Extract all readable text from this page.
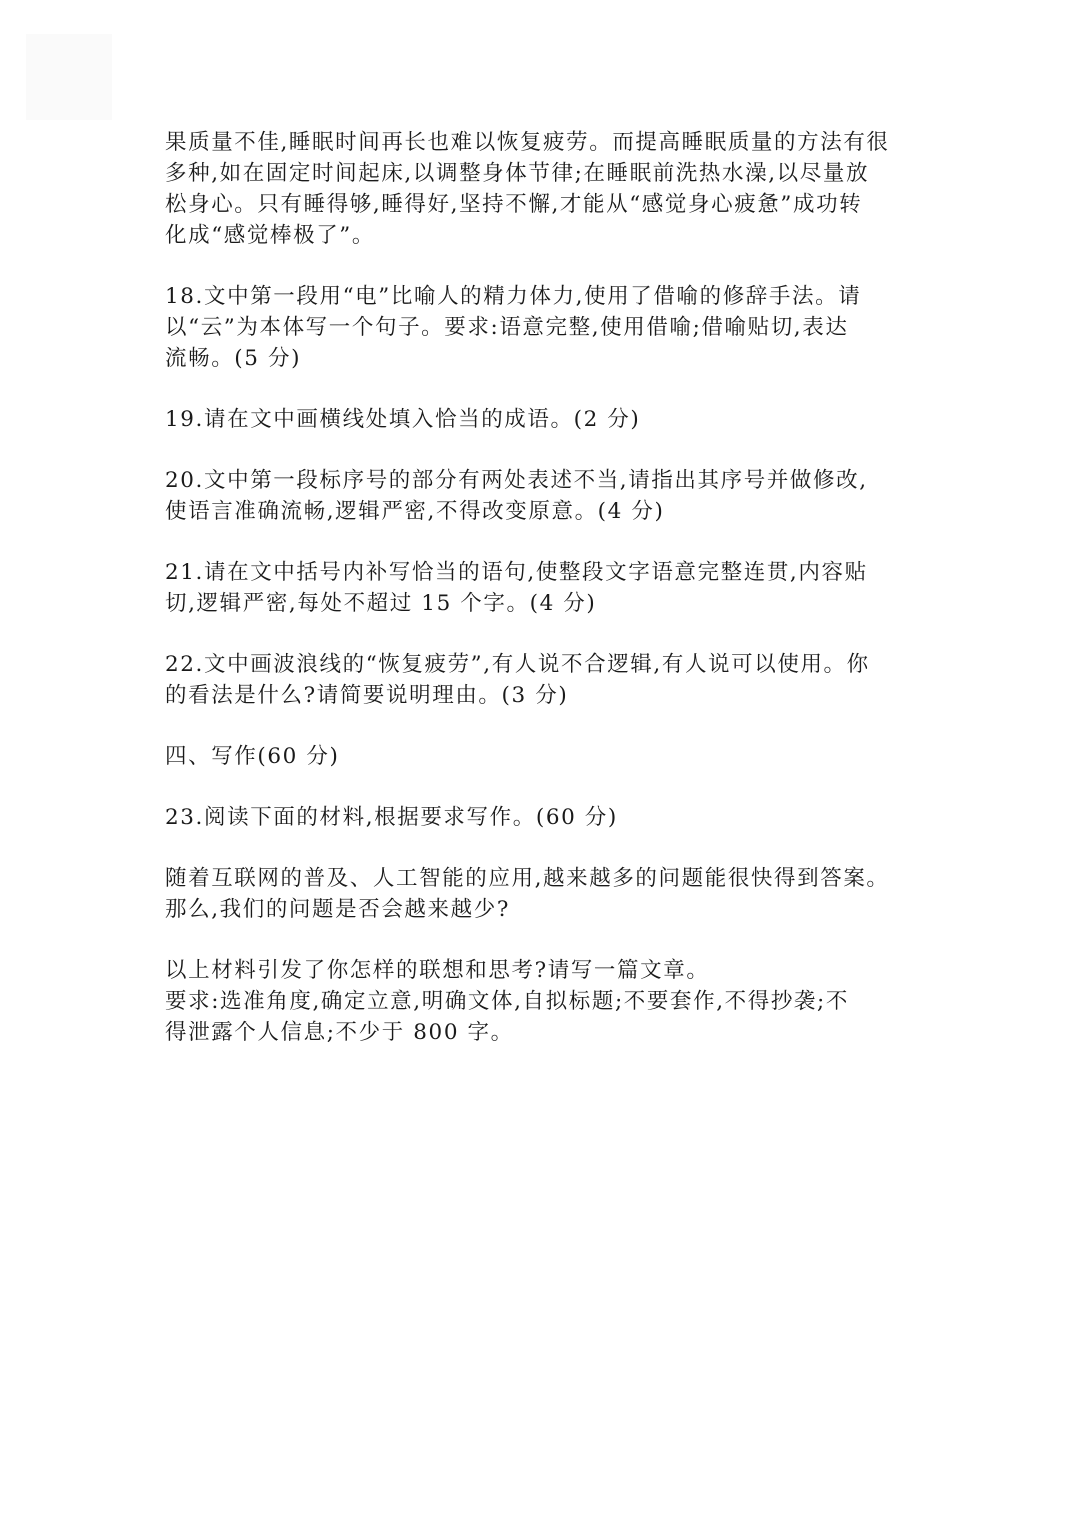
果质量不佳,睡眠时间再长也难以恢复疲劳。而提高睡眠质量的方法有很
多种,如在固定时间起床,以调整身体节律;在睡眠前洗热水澡,以尽量放
松身心。只有睡得够,睡得好,坚持不懈,才能从“感觉身心疲惫”成功转
化成“感觉棒极了”。

18.文中第一段用“电”比喻人的精力体力,使用了借喻的修辞手法。请
以“云”为本体写一个句子。要求:语意完整,使用借喻;借喻贴切,表达
流畅。(5 分)

19.请在文中画横线处填入恰当的成语。(2 分)

20.文中第一段标序号的部分有两处表述不当,请指出其序号并做修改,
使语言准确流畅,逻辑严密,不得改变原意。(4 分)

21.请在文中括号内补写恰当的语句,使整段文字语意完整连贯,内容贴
切,逻辑严密,每处不超过 15 个字。(4 分)

22.文中画波浪线的“恢复疲劳”,有人说不合逻辑,有人说可以使用。你
的看法是什么?请简要说明理由。(3 分)

四、写作(60 分)

23.阅读下面的材料,根据要求写作。(60 分)

随着互联网的普及、人工智能的应用,越来越多的问题能很快得到答案。
那么,我们的问题是否会越来越少?

以上材料引发了你怎样的联想和思考?请写一篇文章。
要求:选准角度,确定立意,明确文体,自拟标题;不要套作,不得抄袭;不
得泄露个人信息;不少于 800 字。
